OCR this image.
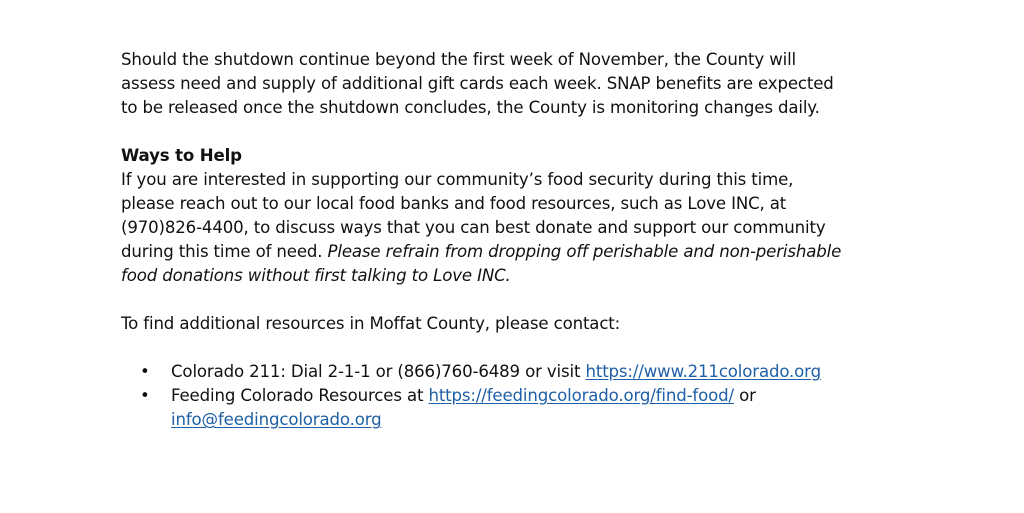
Should the shutdown continue beyond the first week of November, the County will

assess need and supply of additional gift cards each week. SNAP benefits are expected

to be released once the shutdown concludes, the County is monitoring changes daily.

Ways to Help

If you are interested in supporting our community’s food security during this time,

please reach out to our local food banks and food resources, such as Love INC, at

(970)826-4400, to discuss ways that you can best donate and support our community

during this time of need. Please refrain from dropping off perishable and non-perishable

food donations without first talking to Love INC.

To find additional resources in Moffat County, please contact:

• Colorado 211: Dial 2-1-1 or (866)760-6489 or visit https://www.211colorado.org
• Feeding Colorado Resources at https://feedingcolorado.org/find-food/ or
info@feedingcolorado.org
